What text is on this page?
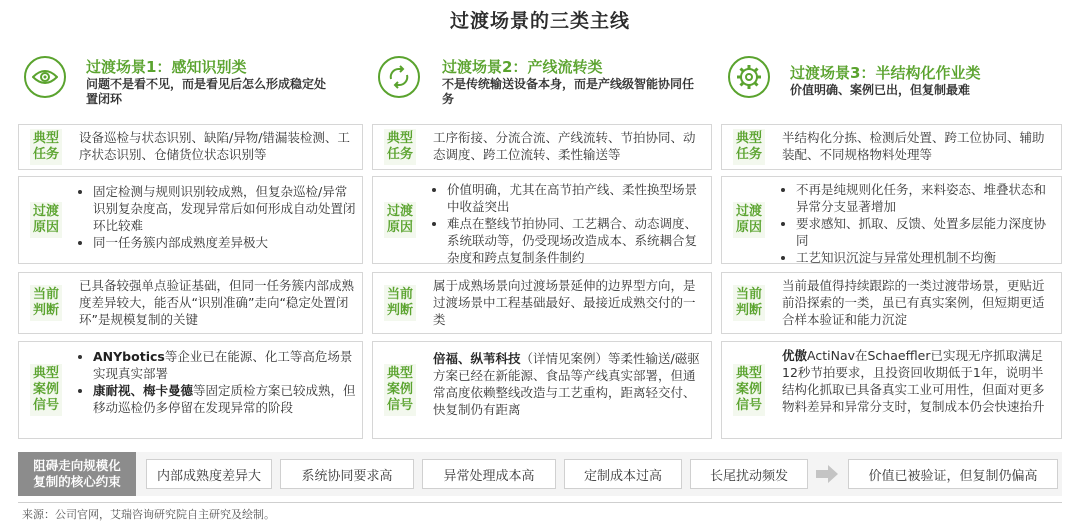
过渡场景的三类主线
过渡场景1：感知识别类
问题不是看不见，而是看见后怎么形成稳定处置闭环
过渡场景2：产线流转类
不是传统输送设备本身，而是产线级智能协同任务
过渡场景3：半结构化作业类
价值明确、案例已出，但复制最难
典型任务
设备巡检与状态识别、缺陷/异物/错漏装检测、工序状态识别、仓储货位状态识别等
过渡原因
• 固定检测与规则识别较成熟，但复杂巡检/异常识别复杂度高，发现异常后如何形成自动处置闭环比较难
• 同一任务簇内部成熟度差异极大
当前判断
已具备较强单点验证基础，但同一任务簇内部成熟度差异较大，能否从“识别准确”走向“稳定处置闭环”是规模复制的关键
典型案例信号
• ANYbotics等企业已在能源、化工等高危场景实现真实部署
• 康耐视、梅卡曼德等固定质检方案已较成熟，但移动巡检仍多停留在发现异常的阶段
典型任务
工序衔接、分流合流、产线流转、节拍协同、动态调度、跨工位流转、柔性输送等
过渡原因
• 价值明确，尤其在高节拍产线、柔性换型场景中收益突出
• 难点在整线节拍协同、工艺耦合、动态调度、系统联动等，仍受现场改造成本、系统耦合复杂度和跨点复制条件制约
当前判断
属于成熟场景向过渡场景延伸的边界型方向，是过渡场景中工程基础最好、最接近成熟交付的一类
典型案例信号
倍福、纵苇科技（详情见案例）等柔性输送/磁驱方案已经在新能源、食品等产线真实部署，但通常高度依赖整线改造与工艺重构，距离轻交付、快复制仍有距离
典型任务
半结构化分拣、检测后处置、跨工位协同、辅助装配、不同规格物料处理等
过渡原因
• 不再是纯规则化任务，来料姿态、堆叠状态和异常分支显著增加
• 要求感知、抓取、反馈、处置多层能力深度协同
• 工艺知识沉淀与异常处理机制不均衡
当前判断
当前最值得持续跟踪的一类过渡带场景，更贴近前沿探索的一类，虽已有真实案例，但短期更适合样本验证和能力沉淀
典型案例信号
优傲ActiNav在Schaeffler已实现无序抓取满足12秒节拍要求，且投资回收期低于1年，说明半结构化抓取已具备真实工业可用性，但面对更多物料差异和异常分支时，复制成本仍会快速抬升
阻碍走向规模化复制的核心约束	内部成熟度差异大	系统协同要求高	异常处理成本高	定制成本过高	长尾扰动频发	价值已被验证，但复制仍偏高
来源：公司官网，艾瑞咨询研究院自主研究及绘制。
